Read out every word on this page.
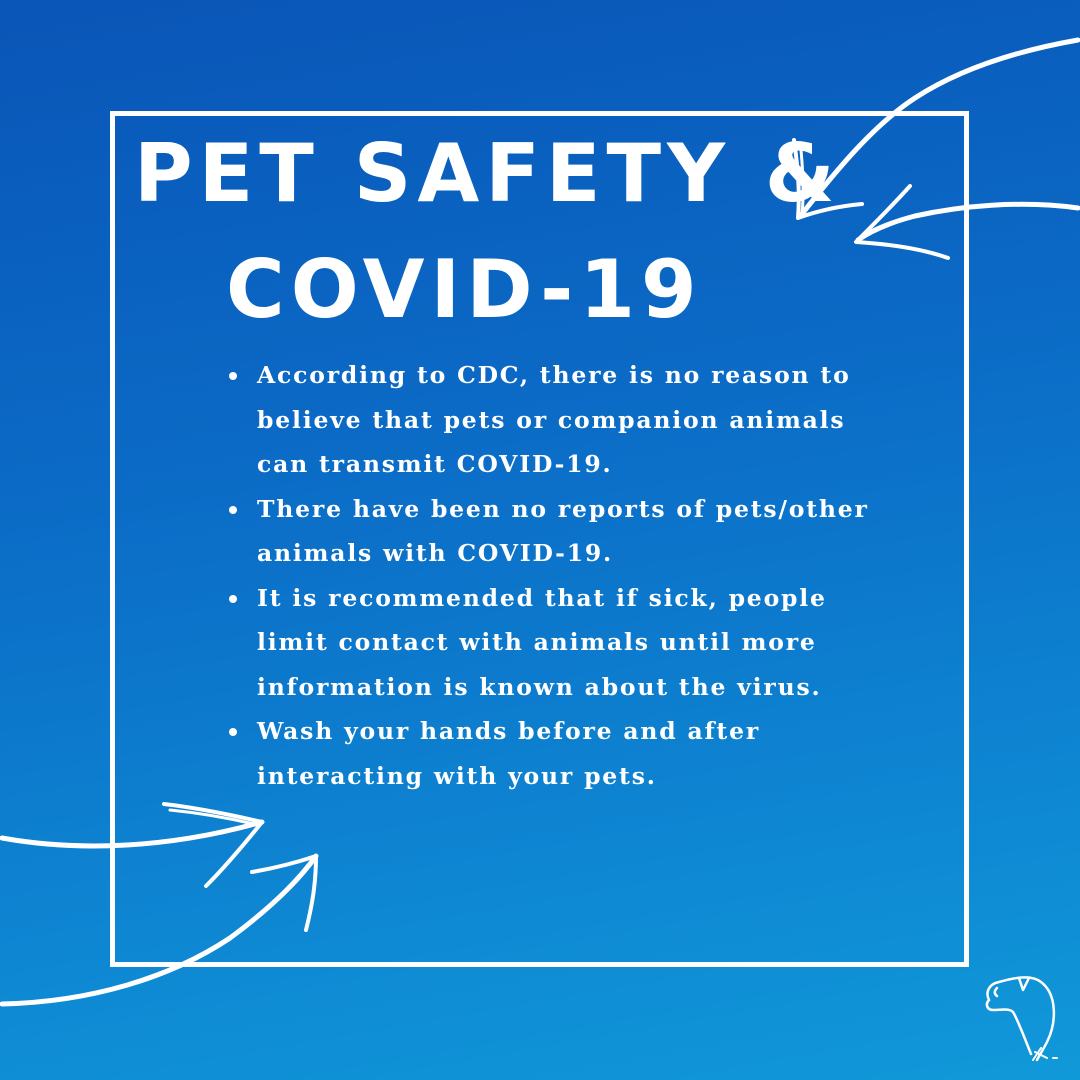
PET SAFETY &
COVID-19
According to CDC, there is no reason to believe that pets or companion animals can transmit COVID-19.
There have been no reports of pets/other animals with COVID-19.
It is recommended that if sick, people limit contact with animals until more information is known about the virus.
Wash your hands before and after interacting with your pets.
